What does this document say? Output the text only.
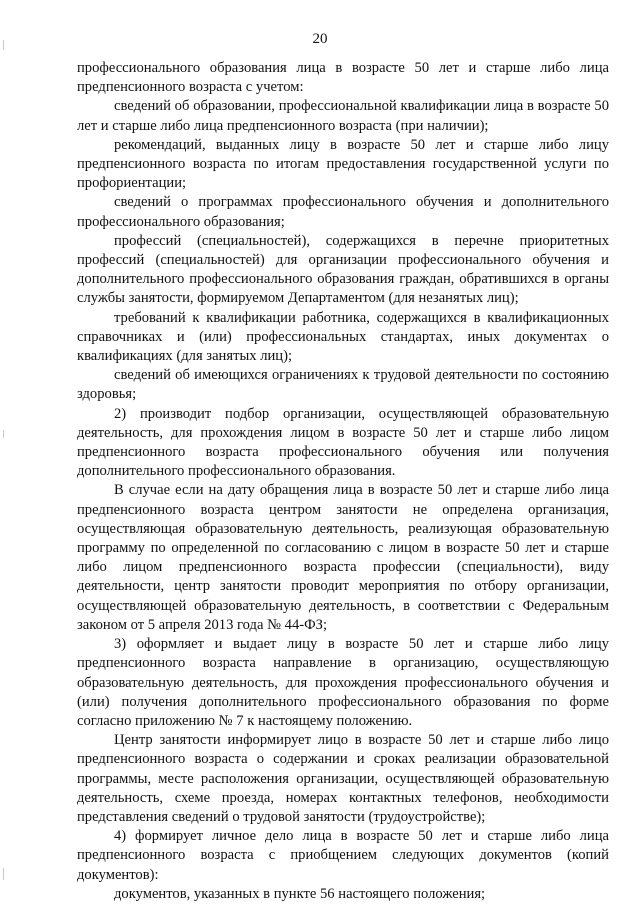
20

профессионального образования лица в возрасте 50 лет и старше либо лица предпенсионного возраста с учетом:

сведений об образовании, профессиональной квалификации лица в возрасте 50 лет и старше либо лица предпенсионного возраста (при наличии);

рекомендаций, выданных лицу в возрасте 50 лет и старше либо лицу предпенсионного возраста по итогам предоставления государственной услуги по профориентации;

сведений о программах профессионального обучения и дополнительного профессионального образования;

профессий (специальностей), содержащихся в перечне приоритетных профессий (специальностей) для организации профессионального обучения и дополнительного профессионального образования граждан, обратившихся в органы службы занятости, формируемом Департаментом (для незанятых лиц);

требований к квалификации работника, содержащихся в квалификационных справочниках и (или) профессиональных стандартах, иных документах о квалификациях (для занятых лиц);

сведений об имеющихся ограничениях к трудовой деятельности по состоянию здоровья;

2) производит подбор организации, осуществляющей образовательную деятельность, для прохождения лицом в возрасте 50 лет и старше либо лицом предпенсионного возраста профессионального обучения или получения дополнительного профессионального образования.

В случае если на дату обращения лица в возрасте 50 лет и старше либо лица предпенсионного возраста центром занятости не определена организация, осуществляющая образовательную деятельность, реализующая образовательную программу по определенной по согласованию с лицом в возрасте 50 лет и старше либо лицом предпенсионного возраста профессии (специальности), виду деятельности, центр занятости проводит мероприятия по отбору организации, осуществляющей образовательную деятельность, в соответствии с Федеральным законом от 5 апреля 2013 года № 44-ФЗ;

3) оформляет и выдает лицу в возрасте 50 лет и старше либо лицу предпенсионного возраста направление в организацию, осуществляющую образовательную деятельность, для прохождения профессионального обучения и (или) получения дополнительного профессионального образования по форме согласно приложению № 7 к настоящему положению.

Центр занятости информирует лицо в возрасте 50 лет и старше либо лицо предпенсионного возраста о содержании и сроках реализации образовательной программы, месте расположения организации, осуществляющей образовательную деятельность, схеме проезда, номерах контактных телефонов, необходимости представления сведений о трудовой занятости (трудоустройстве);

4) формирует личное дело лица в возрасте 50 лет и старше либо лица предпенсионного возраста с приобщением следующих документов (копий документов):

документов, указанных в пункте 56 настоящего положения;
